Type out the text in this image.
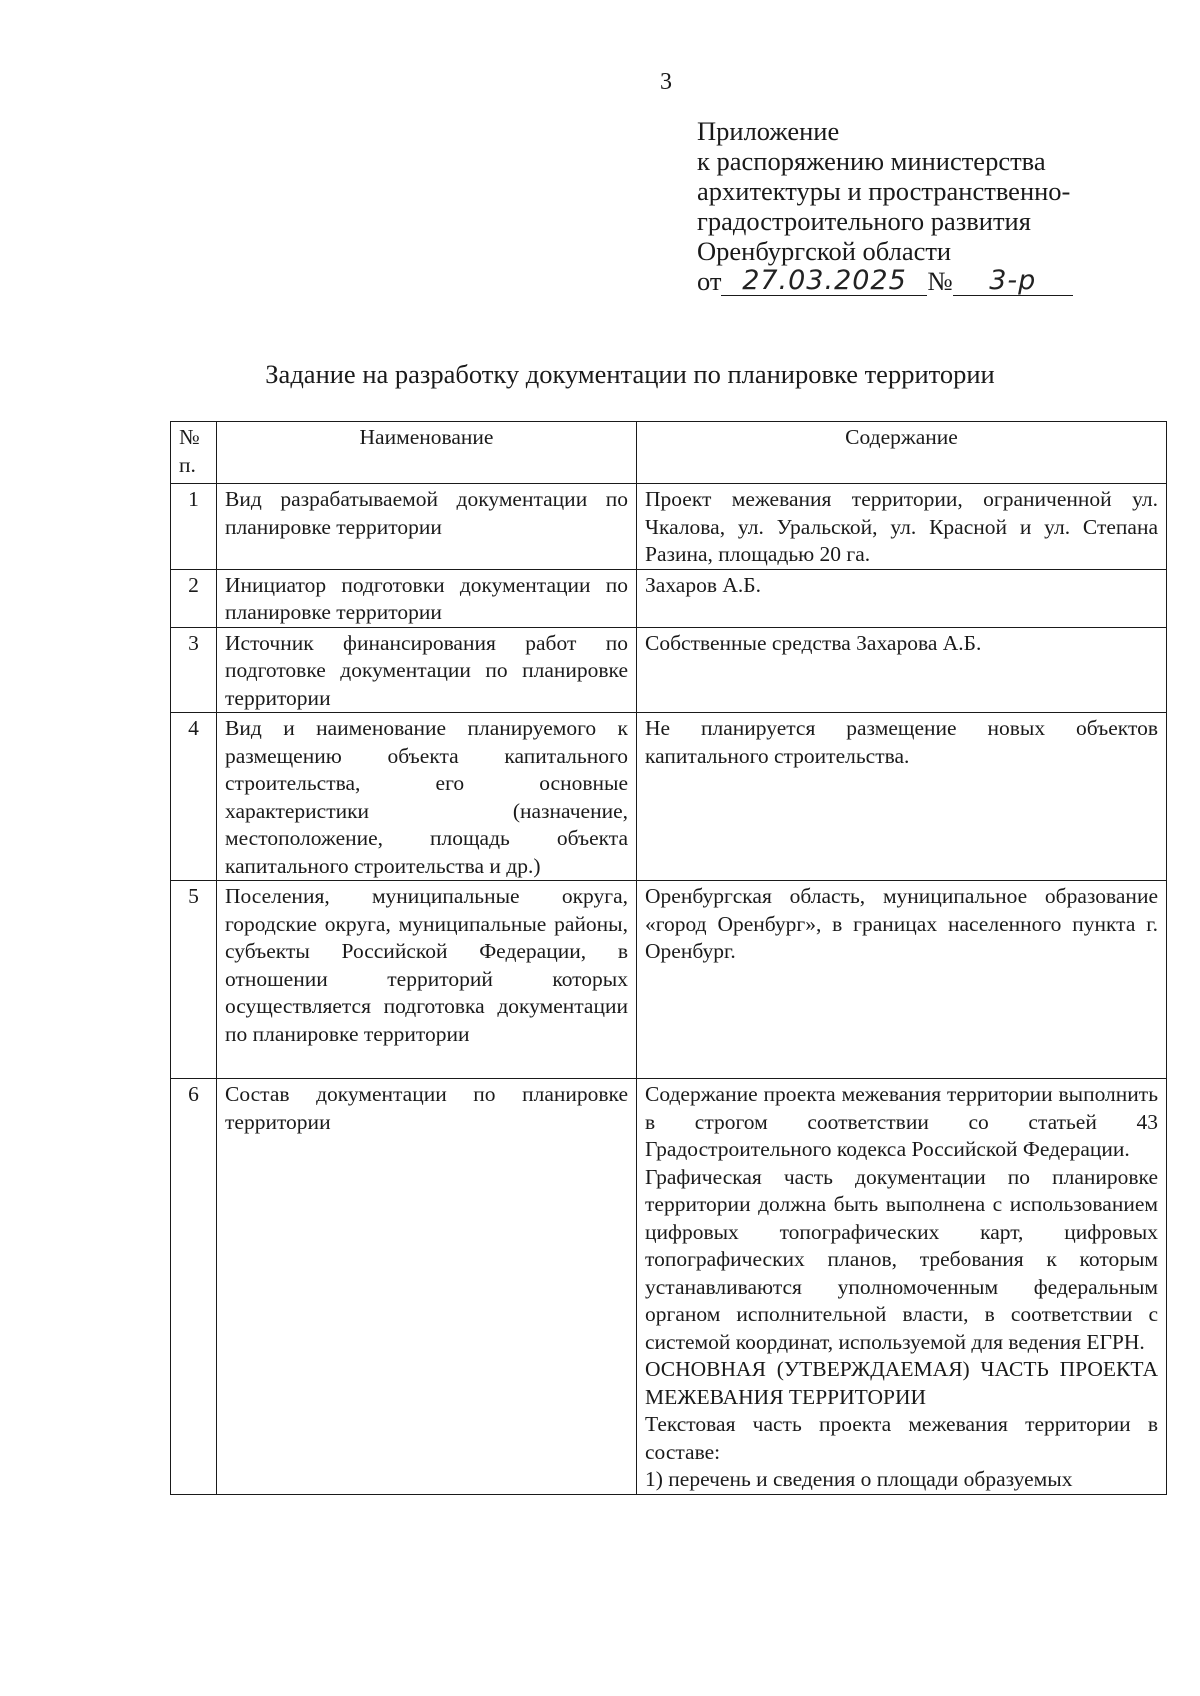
3
Приложение
к распоряжению министерства
архитектуры и пространственно-
градостроительного развития
Оренбургской области
от 27.03.2025 №	3-р
Задание на разработку документации по планировке территории
№ п.	Наименование	Содержание
1	Вид разрабатываемой документации по планировке территории	Проект межевания территории, ограниченной ул. Чкалова, ул. Уральской, ул. Красной и ул. Степана Разина, площадью 20 га.

2	Инициатор подготовки документации по планировке территории	Захаров А.Б.

3	Источник финансирования работ по подготовке документации по планировке территории	Собственные средства Захарова А.Б.

4	Вид и наименование планируемого к размещению объекта капитального строительства, его основные характеристики (назначение, местоположение, площадь объекта капитального строительства и др.)	Не планируется размещение новых объектов капитального строительства.

5	Поселения, муниципальные округа, городские округа, муниципальные районы, субъекты Российской Федерации, в отношении территорий которых осуществляется подготовка документации по планировке территории	Оренбургская область, муниципальное образование «город Оренбург», в границах населенного пункта г. Оренбург.

6	Состав документации по планировке территории	Содержание проекта межевания территории выполнить в строгом соответствии со статьей 43 Градостроительного кодекса Российской Федерации.
Графическая часть документации по планировке территории должна быть выполнена с использованием цифровых топографических карт, цифровых топографических планов, требования к которым устанавливаются уполномоченным федеральным органом исполнительной власти, в соответствии с системой координат, используемой для ведения ЕГРН.
ОСНОВНАЯ (УТВЕРЖДАЕМАЯ) ЧАСТЬ ПРОЕКТА МЕЖЕВАНИЯ ТЕРРИТОРИИ
Текстовая часть проекта межевания территории в составе:
1) перечень и сведения о площади образуемых
